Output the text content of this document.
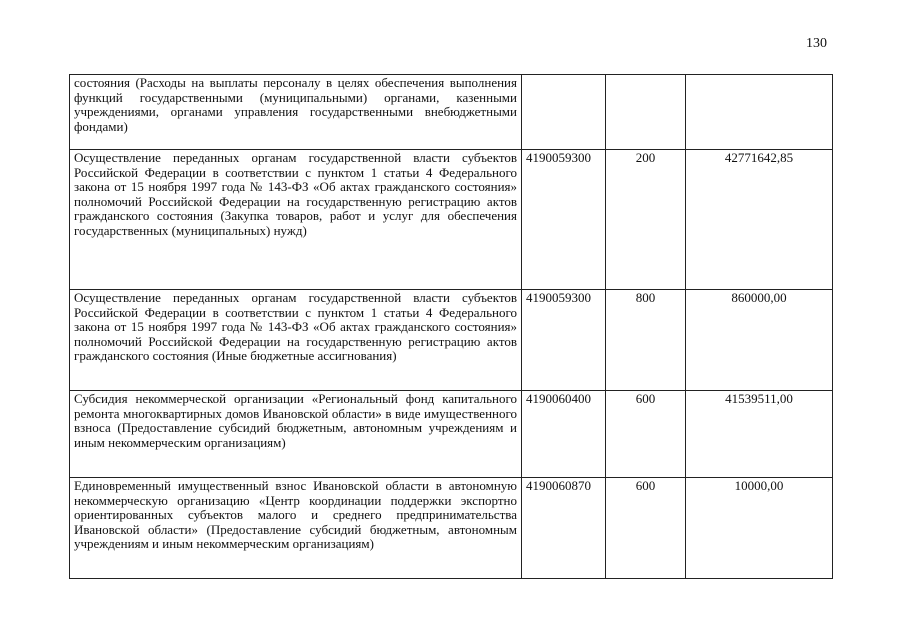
130
состояния (Расходы на выплаты персоналу в целях обеспечения выполнения функций государственными (муниципальными) органами, казенными учреждениями, органами управления государственными внебюджетными фондами)			

Осуществление переданных органам государственной власти субъектов Российской Федерации в соответствии с пунктом 1 статьи 4 Федерального закона от 15 ноября 1997 года № 143-ФЗ «Об актах гражданского состояния» полномочий Российской Федерации на государственную регистрацию актов гражданского состояния (Закупка товаров, работ и услуг для обеспечения государственных (муниципальных) нужд)	4190059300	200	42771642,85

Осуществление переданных органам государственной власти субъектов Российской Федерации в соответствии с пунктом 1 статьи 4 Федерального закона от 15 ноября 1997 года № 143-ФЗ «Об актах гражданского состояния» полномочий Российской Федерации на государственную регистрацию актов гражданского состояния (Иные бюджетные ассигнования)	4190059300	800	860000,00

Субсидия некоммерческой организации «Региональный фонд капитального ремонта многоквартирных домов Ивановской области» в виде имущественного взноса (Предоставление субсидий бюджетным, автономным учреждениям и иным некоммерческим организациям)	4190060400	600	41539511,00

Единовременный имущественный взнос Ивановской области в автономную некоммерческую организацию «Центр координации поддержки экспортно ориентированных субъектов малого и среднего предпринимательства Ивановской области» (Предоставление субсидий бюджетным, автономным учреждениям и иным некоммерческим организациям)	4190060870	600	10000,00
